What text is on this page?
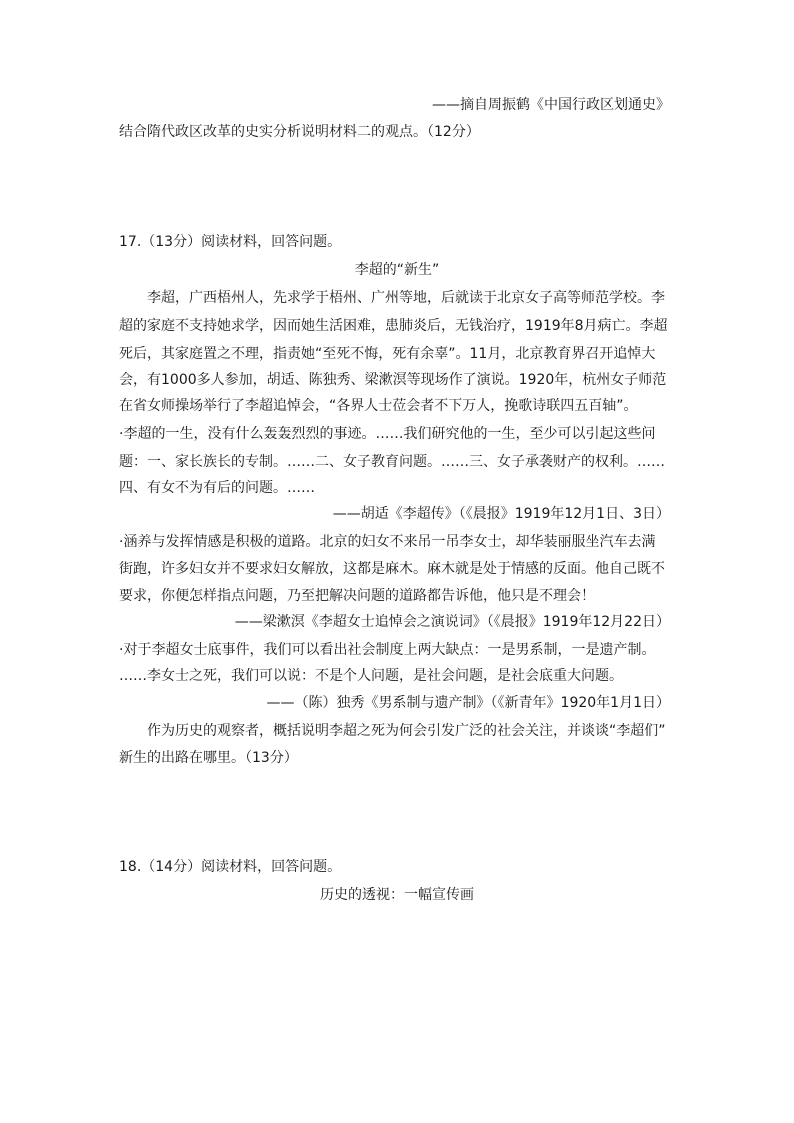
——摘自周振鹤《中国行政区划通史》
结合隋代政区改革的史实分析说明材料二的观点。（12分）
17.（13分）阅读材料，回答问题。
李超的“新生”
李超，广西梧州人，先求学于梧州、广州等地，后就读于北京女子高等师范学校。李
超的家庭不支持她求学，因而她生活困难，患肺炎后，无钱治疗，1919年8月病亡。李超
死后，其家庭置之不理，指责她“至死不悔，死有余辜”。11月，北京教育界召开追悼大
会，有1000多人参加，胡适、陈独秀、梁漱溟等现场作了演说。1920年，杭州女子师范
在省女师操场举行了李超追悼会，“各界人士莅会者不下万人，挽歌诗联四五百轴”。
·李超的一生，没有什么轰轰烈烈的事迹。……我们研究他的一生，至少可以引起这些问
题：一、家长族长的专制。……二、女子教育问题。……三、女子承袭财产的权利。……
四、有女不为有后的问题。……
——胡适《李超传》（《晨报》1919年12月1日、3日）
·涵养与发挥情感是积极的道路。北京的妇女不来吊一吊李女士，却华装丽服坐汽车去满
街跑，许多妇女并不要求妇女解放，这都是麻木。麻木就是处于情感的反面。他自己既不
要求，你便怎样指点问题，乃至把解决问题的道路都告诉他，他只是不理会！
——梁漱溟《李超女士追悼会之演说词》（《晨报》1919年12月22日）
·对于李超女士底事件，我们可以看出社会制度上两大缺点：一是男系制，一是遗产制。
……李女士之死，我们可以说：不是个人问题，是社会问题，是社会底重大问题。
——（陈）独秀《男系制与遗产制》（《新青年》1920年1月1日）
作为历史的观察者，概括说明李超之死为何会引发广泛的社会关注，并谈谈“李超们”
新生的出路在哪里。（13分）
18.（14分）阅读材料，回答问题。
历史的透视：一幅宣传画
